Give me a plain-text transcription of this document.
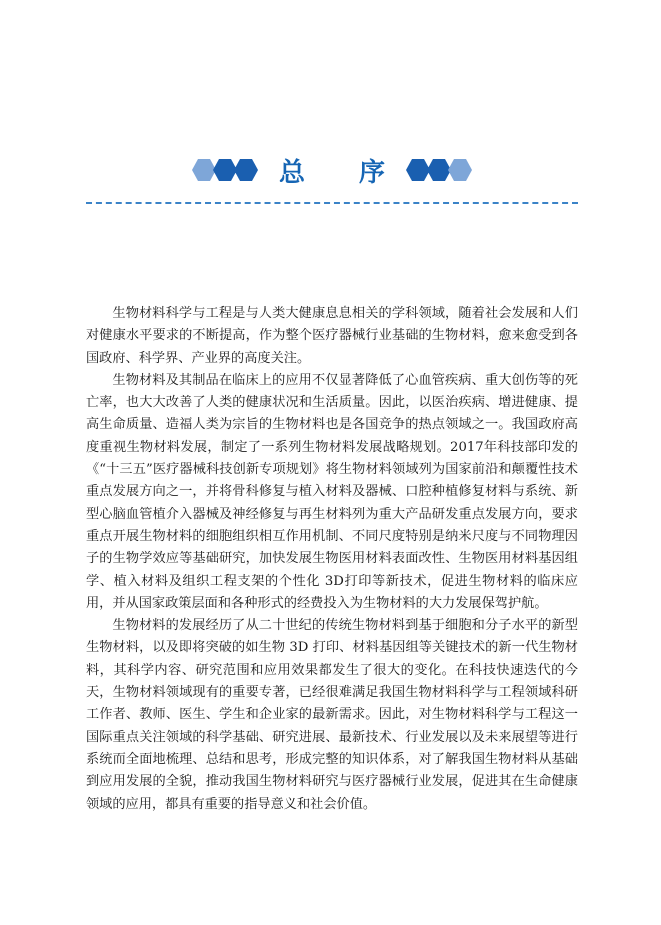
总 序

生物材料科学与工程是与人类大健康息息相关的学科领域，随着社会发展和人们对健康水平要求的不断提高，作为整个医疗器械行业基础的生物材料，愈来愈受到各国政府、科学界、产业界的高度关注。

生物材料及其制品在临床上的应用不仅显著降低了心血管疾病、重大创伤等的死亡率，也大大改善了人类的健康状况和生活质量。因此，以医治疾病、增进健康、提高生命质量、造福人类为宗旨的生物材料也是各国竞争的热点领域之一。我国政府高度重视生物材料发展，制定了一系列生物材料发展战略规划。2017年科技部印发的《“十三五”医疗器械科技创新专项规划》将生物材料领域列为国家前沿和颠覆性技术重点发展方向之一，并将骨科修复与植入材料及器械、口腔种植修复材料与系统、新型心脑血管植介入器械及神经修复与再生材料列为重大产品研发重点发展方向，要求重点开展生物材料的细胞组织相互作用机制、不同尺度特别是纳米尺度与不同物理因子的生物学效应等基础研究，加快发展生物医用材料表面改性、生物医用材料基因组学、植入材料及组织工程支架的个性化 3D打印等新技术，促进生物材料的临床应用，并从国家政策层面和各种形式的经费投入为生物材料的大力发展保驾护航。

生物材料的发展经历了从二十世纪的传统生物材料到基于细胞和分子水平的新型生物材料，以及即将突破的如生物 3D 打印、材料基因组等关键技术的新一代生物材料，其科学内容、研究范围和应用效果都发生了很大的变化。在科技快速迭代的今天，生物材料领域现有的重要专著，已经很难满足我国生物材料科学与工程领域科研工作者、教师、医生、学生和企业家的最新需求。因此，对生物材料科学与工程这一国际重点关注领域的科学基础、研究进展、最新技术、行业发展以及未来展望等进行系统而全面地梳理、总结和思考，形成完整的知识体系，对了解我国生物材料从基础到应用发展的全貌，推动我国生物材料研究与医疗器械行业发展，促进其在生命健康领域的应用，都具有重要的指导意义和社会价值。
